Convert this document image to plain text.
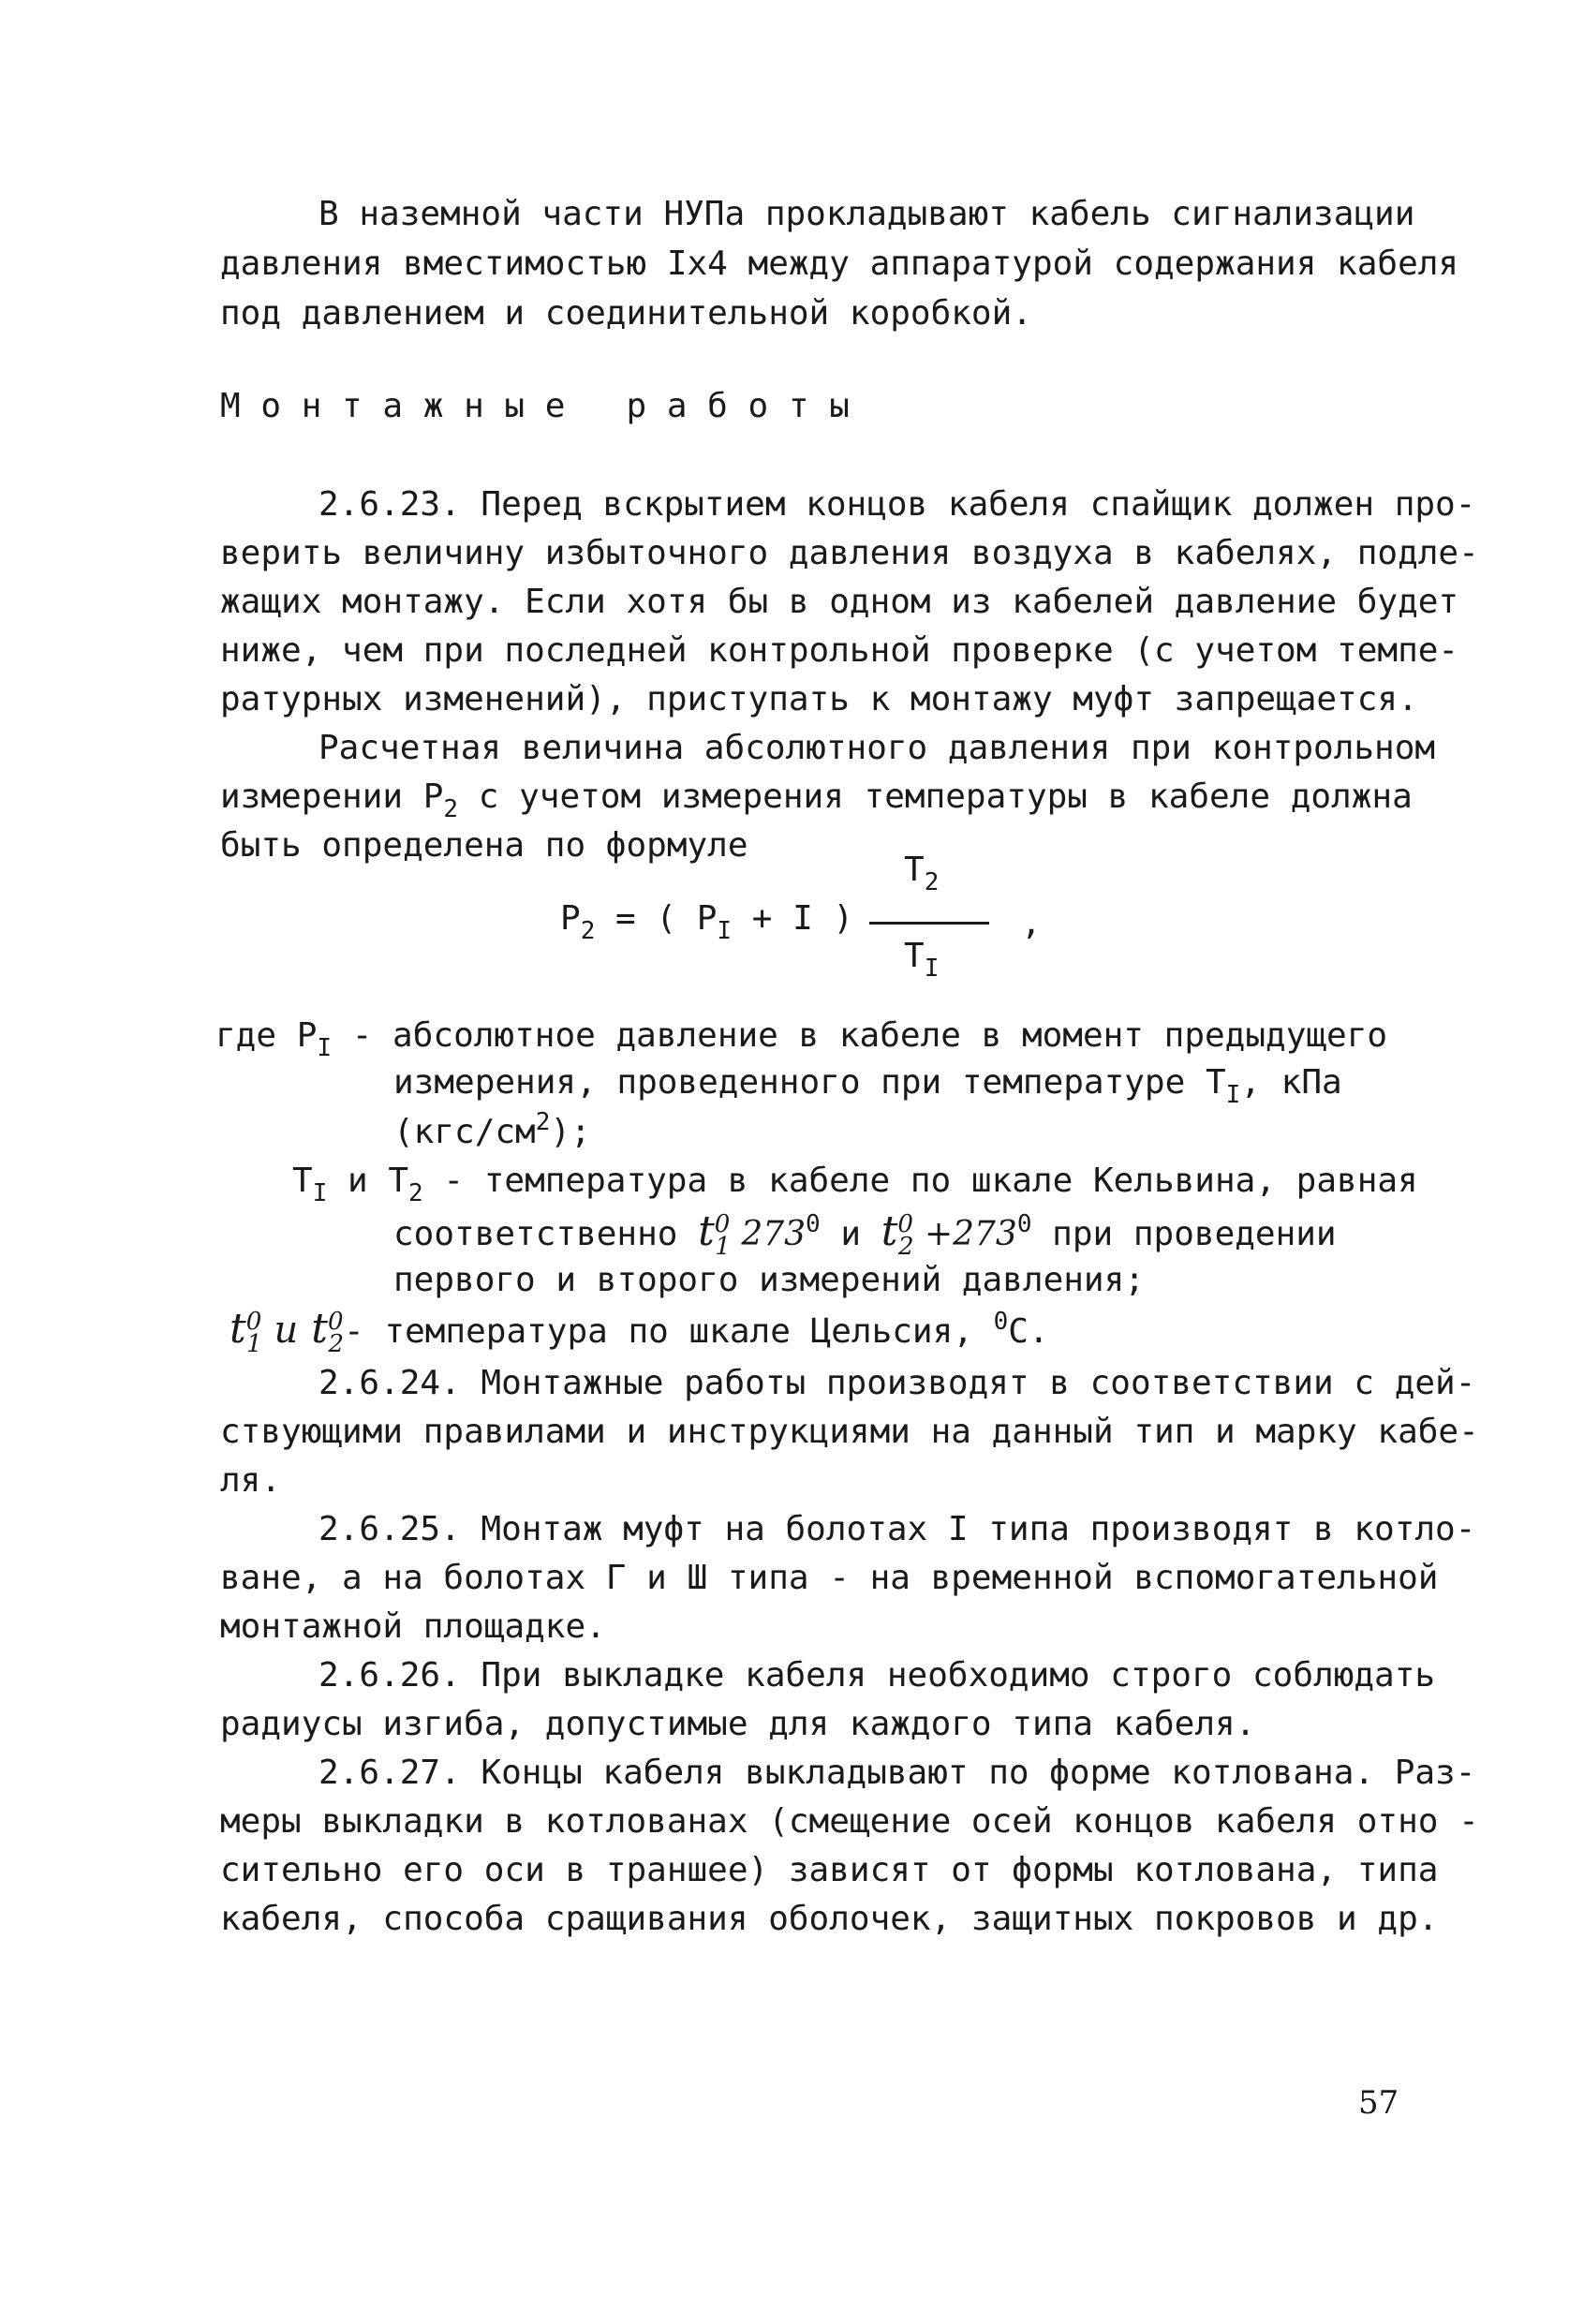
В наземной части НУПа прокладывают кабель сигнализации
давления вместимостью Iх4 между аппаратурой содержания кабеля
под давлением и соединительной коробкой.
М о н т а ж н ы е   р а б о т ы
2.6.23. Перед вскрытием концов кабеля спайщик должен про-
верить величину избыточного давления воздуха в кабелях, подле-
жащих монтажу. Если хотя бы в одном из кабелей давление будет
ниже, чем при последней контрольной проверке (с учетом темпе-
ратурных изменений), приступать к монтажу муфт запрещается.
Расчетная величина абсолютного давления при контрольном
измерении $P_2$ с учетом измерения температуры в кабеле должна
быть определена по формуле
$P_2$ = ( $P_I + I$ )
$T_2$
$T_I$
,
где $P_I$ - абсолютное давление в кабеле в момент предыдущего
измерения, проведенного при температуре $T_I$, кПа
$(кгс/см^2)$;
$T_I$ и $T_2$ - температура в кабеле по шкале Кельвина, равная
соответственно $t^0_1$ $273^0$ и $t^0_2 +273^0$ при проведении
первого и второго измерений давления;
$t^0_1$ и $t^0_2-$ температура по шкале Цельсия, $^0$C.
2.6.24. Монтажные работы производят в соответствии с дей-
ствующими правилами и инструкциями на данный тип и марку кабе-
ля.
2.6.25. Монтаж муфт на болотах I типа производят в котло-
ване, а на болотах Г и Ш типа - на временной вспомогательной
монтажной площадке.
2.6.26. При выкладке кабеля необходимо строго соблюдать
радиусы изгиба, допустимые для каждого типа кабеля.
2.6.27. Концы кабеля выкладывают по форме котлована. Раз-
меры выкладки в котлованах (смещение осей концов кабеля отно -
сительно его оси в траншее) зависят от формы котлована, типа
кабеля, способа сращивания оболочек, защитных покровов и др.
57
